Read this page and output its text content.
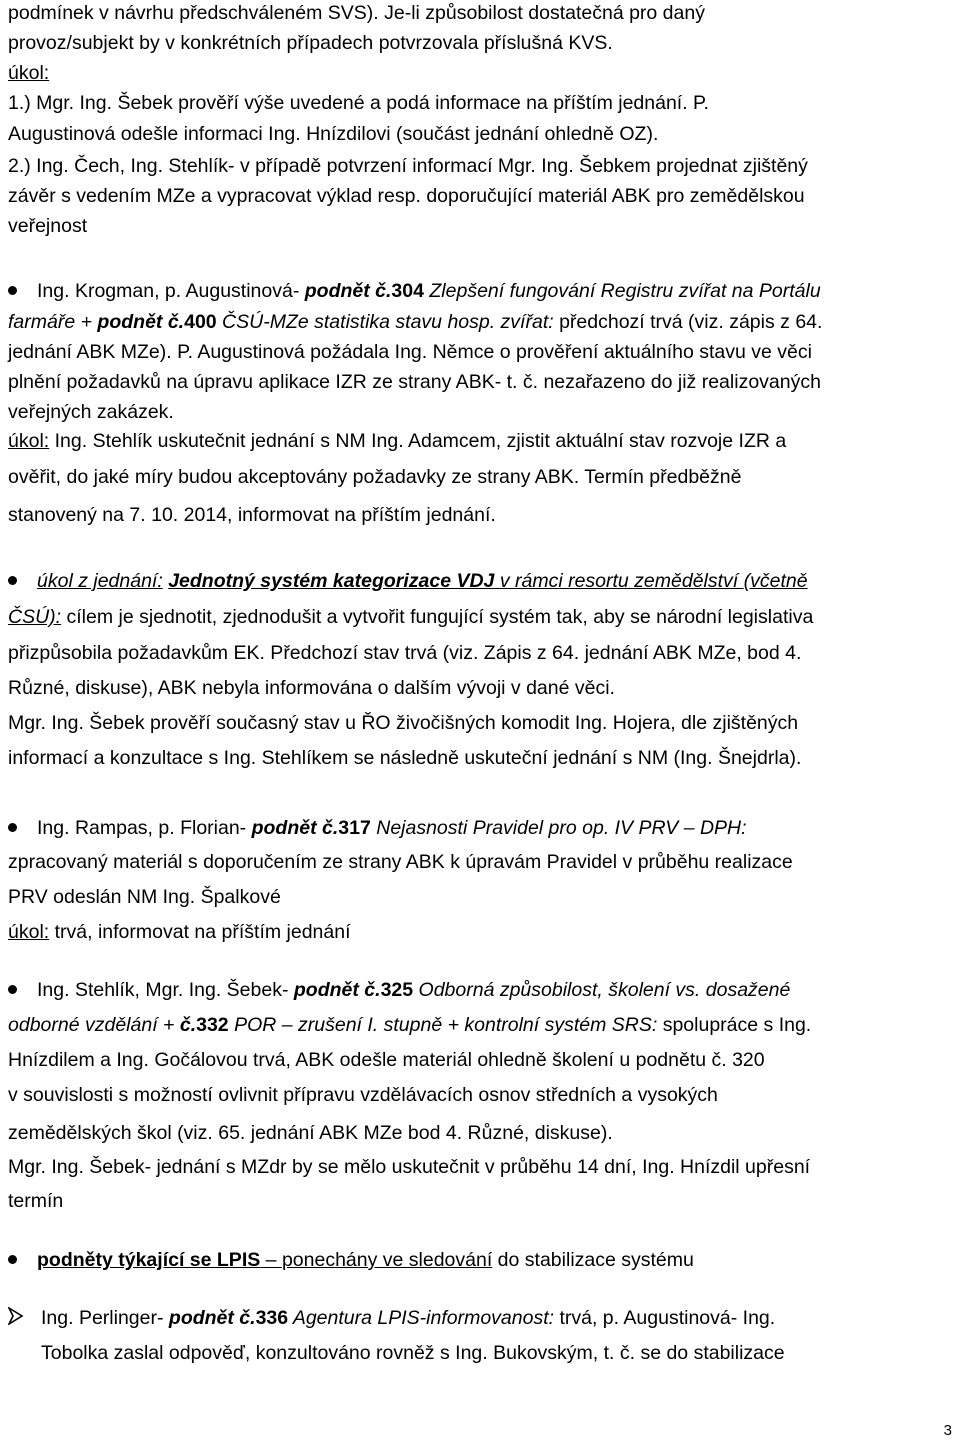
podmínek v návrhu předschváleném SVS). Je-li způsobilost dostatečná pro daný
provoz/subjekt by v konkrétních případech potvrzovala příslušná KVS.
úkol:
1.) Mgr. Ing. Šebek prověří výše uvedené a podá informace na příštím jednání. P.
Augustinová odešle informaci Ing. Hnízdilovi (součást jednání ohledně OZ).
2.) Ing. Čech, Ing. Stehlík- v případě potvrzení informací Mgr. Ing. Šebkem projednat zjištěný
závěr s vedením MZe a vypracovat výklad resp. doporučující materiál ABK pro zemědělskou
veřejnost
Ing. Krogman, p. Augustinová- podnět č.304 Zlepšení fungování Registru zvířat na Portálu
farmáře + podnět č.400 ČSÚ-MZe statistika stavu hosp. zvířat: předchozí trvá (viz. zápis z 64.
jednání ABK MZe). P. Augustinová požádala Ing. Němce o prověření aktuálního stavu ve věci
plnění požadavků na úpravu aplikace IZR ze strany ABK- t. č. nezařazeno do již realizovaných
veřejných zakázek.
úkol: Ing. Stehlík uskutečnit jednání s NM Ing. Adamcem, zjistit aktuální stav rozvoje IZR a
ověřit, do jaké míry budou akceptovány požadavky ze strany ABK. Termín předběžně
stanovený na 7. 10. 2014, informovat na příštím jednání.
úkol z jednání: Jednotný systém kategorizace VDJ v rámci resortu zemědělství (včetně
ČSÚ): cílem je sjednotit, zjednodušit a vytvořit fungující systém tak, aby se národní legislativa
přizpůsobila požadavkům EK. Předchozí stav trvá (viz. Zápis z 64. jednání ABK MZe, bod 4.
Různé, diskuse), ABK nebyla informována o dalším vývoji v dané věci.
Mgr. Ing. Šebek prověří současný stav u ŘO živočišných komodit Ing. Hojera, dle zjištěných
informací a konzultace s Ing. Stehlíkem se následně uskuteční jednání s NM (Ing. Šnejdrla).
Ing. Rampas, p. Florian- podnět č.317 Nejasnosti Pravidel pro op. IV PRV – DPH:
zpracovaný materiál s doporučením ze strany ABK k úpravám Pravidel v průběhu realizace
PRV odeslán NM Ing. Špalkové
úkol: trvá, informovat na příštím jednání
Ing. Stehlík, Mgr. Ing. Šebek- podnět č.325 Odborná způsobilost, školení vs. dosažené
odborné vzdělání + č.332 POR – zrušení I. stupně + kontrolní systém SRS: spolupráce s Ing.
Hnízdilem a Ing. Gočálovou trvá, ABK odešle materiál ohledně školení u podnětu č. 320
v souvislosti s možností ovlivnit přípravu vzdělávacích osnov středních a vysokých
zemědělských škol (viz. 65. jednání ABK MZe bod 4. Různé, diskuse).
Mgr. Ing. Šebek- jednání s MZdr by se mělo uskutečnit v průběhu 14 dní, Ing. Hnízdil upřesní
termín
podněty týkající se LPIS – ponechány ve sledování do stabilizace systému
Ing. Perlinger- podnět č.336 Agentura LPIS-informovanost: trvá, p. Augustinová- Ing.
Tobolka zaslal odpověď, konzultováno rovněž s Ing. Bukovským, t. č. se do stabilizace
3
